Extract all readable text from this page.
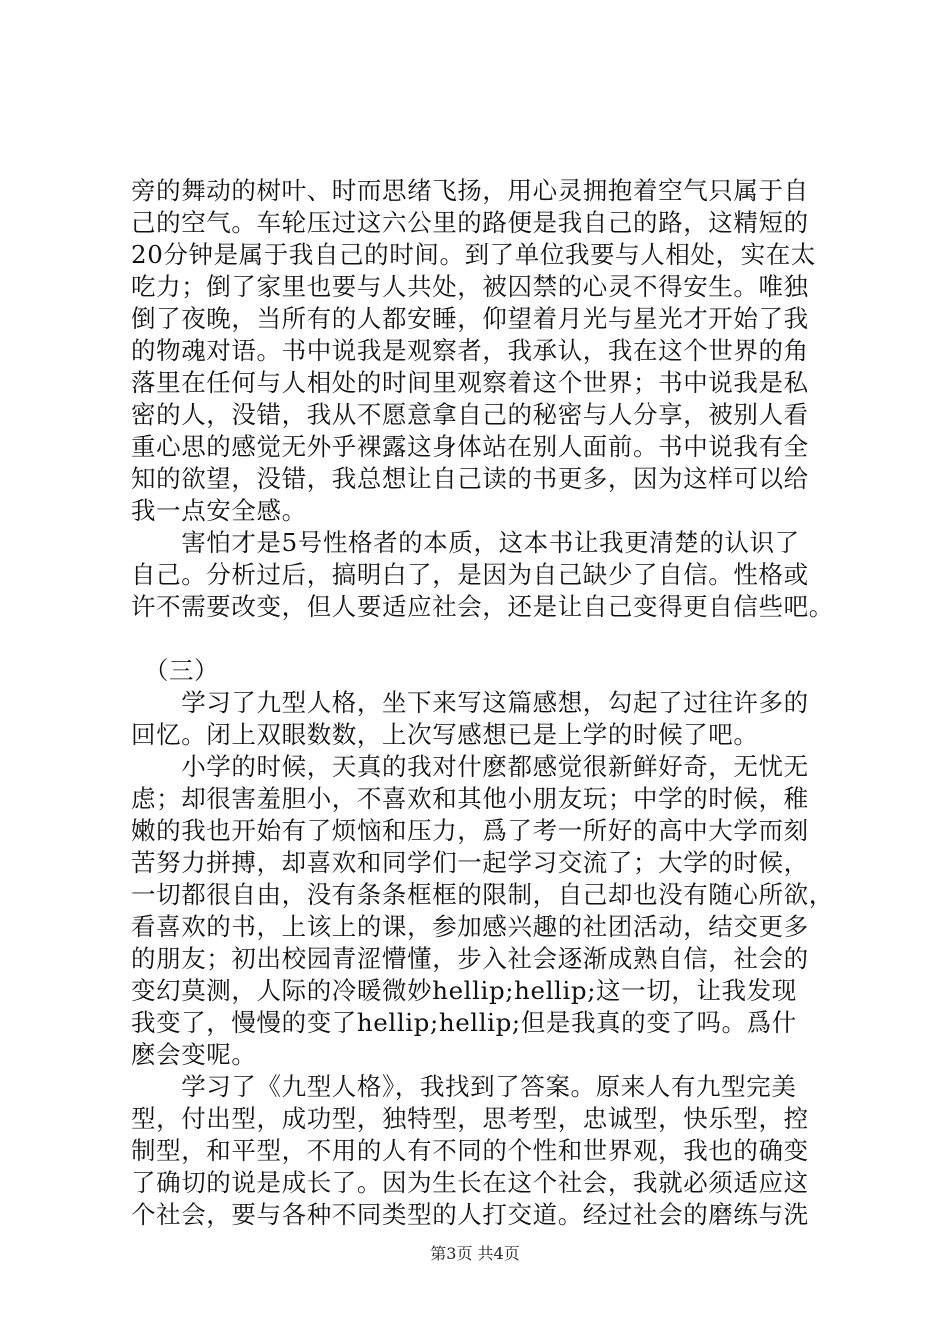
旁的舞动的树叶、时而思绪飞扬，用心灵拥抱着空气只属于自
己的空气。车轮压过这六公里的路便是我自己的路，这精短的
20分钟是属于我自己的时间。到了单位我要与人相处，实在太
吃力；倒了家里也要与人共处，被囚禁的心灵不得安生。唯独
倒了夜晚，当所有的人都安睡，仰望着月光与星光才开始了我
的物魂对语。书中说我是观察者，我承认，我在这个世界的角
落里在任何与人相处的时间里观察着这个世界；书中说我是私
密的人，没错，我从不愿意拿自己的秘密与人分享，被别人看
重心思的感觉无外乎裸露这身体站在别人面前。书中说我有全
知的欲望，没错，我总想让自己读的书更多，因为这样可以给
我一点安全感。
　　害怕才是5号性格者的本质，这本书让我更清楚的认识了
自己。分析过后，搞明白了，是因为自己缺少了自信。性格或
许不需要改变，但人要适应社会，还是让自己变得更自信些吧。
　（三）
　　学习了九型人格，坐下来写这篇感想，勾起了过往许多的
回忆。闭上双眼数数，上次写感想已是上学的时候了吧。
　　小学的时候，天真的我对什麽都感觉很新鲜好奇，无忧无
虑；却很害羞胆小，不喜欢和其他小朋友玩；中学的时候，稚
嫩的我也开始有了烦恼和压力，爲了考一所好的高中大学而刻
苦努力拼搏，却喜欢和同学们一起学习交流了；大学的时候，
一切都很自由，没有条条框框的限制，自己却也没有随心所欲，
看喜欢的书，上该上的课，参加感兴趣的社团活动，结交更多
的朋友；初出校园青涩懵懂，步入社会逐渐成熟自信，社会的
变幻莫测，人际的冷暖微妙hellip;hellip;这一切，让我发现
我变了，慢慢的变了hellip;hellip;但是我真的变了吗。爲什
麽会变呢。
　　学习了《九型人格》，我找到了答案。原来人有九型完美
型，付出型，成功型，独特型，思考型，忠诚型，快乐型，控
制型，和平型，不用的人有不同的个性和世界观，我也的确变
了确切的说是成长了。因为生长在这个社会，我就必须适应这
个社会，要与各种不同类型的人打交道。经过社会的磨练与洗
第3页 共4页
